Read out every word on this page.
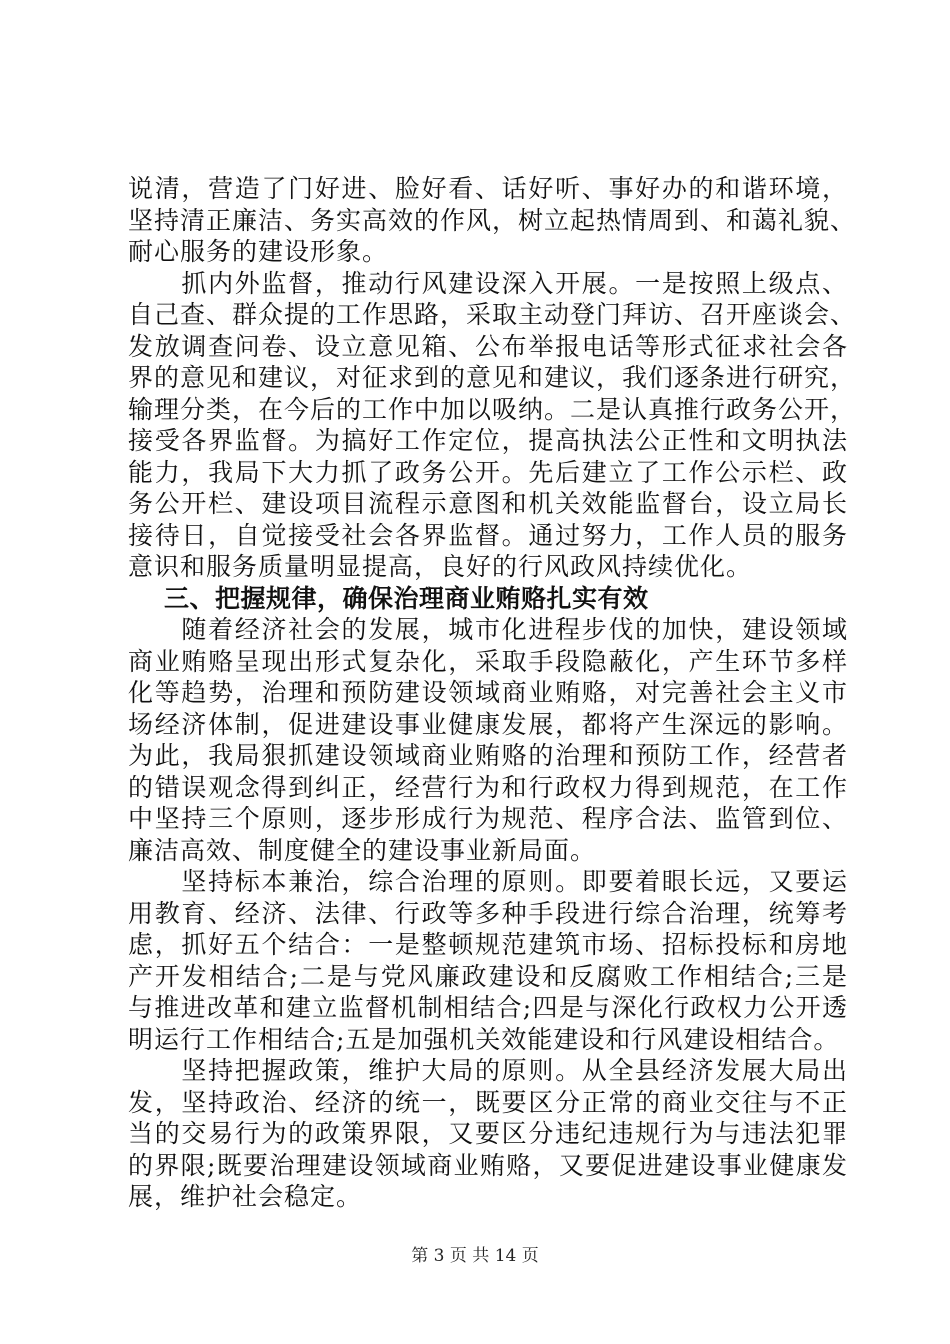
说清，营造了门好进、脸好看、话好听、事好办的和谐环境，
坚持清正廉洁、务实高效的作风，树立起热情周到、和蔼礼貌、
耐心服务的建设形象。
　　抓内外监督，推动行风建设深入开展。一是按照上级点、
自己查、群众提的工作思路，采取主动登门拜访、召开座谈会、
发放调查问卷、设立意见箱、公布举报电话等形式征求社会各
界的意见和建议，对征求到的意见和建议，我们逐条进行研究，
输理分类，在今后的工作中加以吸纳。二是认真推行政务公开，
接受各界监督。为搞好工作定位，提高执法公正性和文明执法
能力，我局下大力抓了政务公开。先后建立了工作公示栏、政
务公开栏、建设项目流程示意图和机关效能监督台，设立局长
接待日，自觉接受社会各界监督。通过努力，工作人员的服务
意识和服务质量明显提高，良好的行风政风持续优化。
三、把握规律，确保治理商业贿赂扎实有效
　　随着经济社会的发展，城市化进程步伐的加快，建设领域
商业贿赂呈现出形式复杂化，采取手段隐蔽化，产生环节多样
化等趋势，治理和预防建设领域商业贿赂，对完善社会主义市
场经济体制，促进建设事业健康发展，都将产生深远的影响。
为此，我局狠抓建设领域商业贿赂的治理和预防工作，经营者
的错误观念得到纠正，经营行为和行政权力得到规范，在工作
中坚持三个原则，逐步形成行为规范、程序合法、监管到位、
廉洁高效、制度健全的建设事业新局面。
　　坚持标本兼治，综合治理的原则。即要着眼长远，又要运
用教育、经济、法律、行政等多种手段进行综合治理，统筹考
虑，抓好五个结合：一是整顿规范建筑市场、招标投标和房地
产开发相结合;二是与党风廉政建设和反腐败工作相结合;三是
与推进改革和建立监督机制相结合;四是与深化行政权力公开透
明运行工作相结合;五是加强机关效能建设和行风建设相结合。
　　坚持把握政策，维护大局的原则。从全县经济发展大局出
发，坚持政治、经济的统一，既要区分正常的商业交往与不正
当的交易行为的政策界限，又要区分违纪违规行为与违法犯罪
的界限;既要治理建设领域商业贿赂，又要促进建设事业健康发
展，维护社会稳定。
第 3 页 共 14 页
